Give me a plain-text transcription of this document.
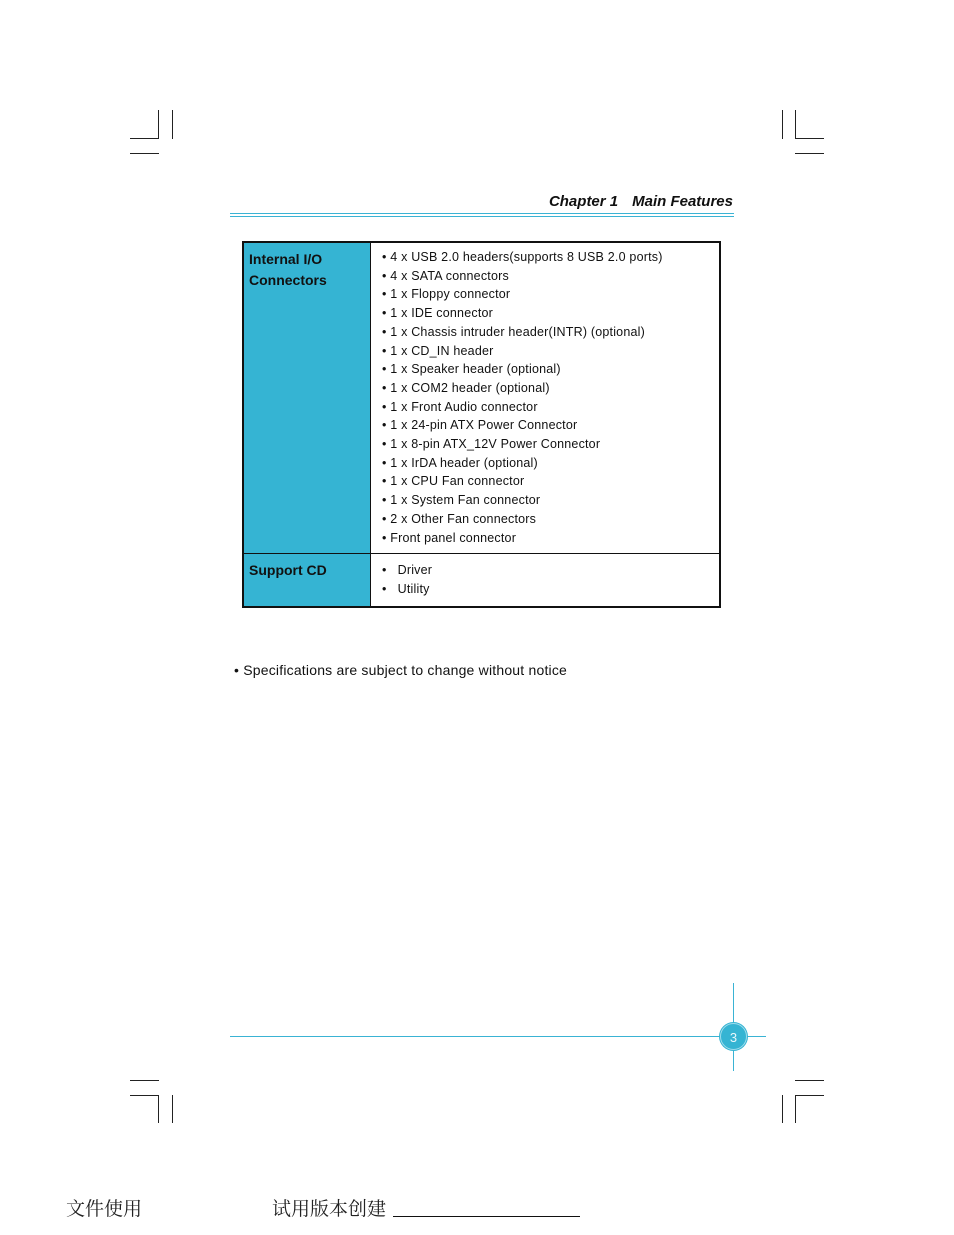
Chapter 1 Main Features
Internal I/O
Connectors
• 4 x USB 2.0 headers(supports 8 USB 2.0 ports)
• 4 x SATA connectors
• 1 x Floppy connector
• 1 x IDE connector
• 1 x Chassis intruder header(INTR) (optional)
• 1 x CD_IN header
• 1 x Speaker header (optional)
• 1 x COM2 header (optional)
• 1 x Front Audio connector
• 1 x 24-pin ATX Power Connector
• 1 x 8-pin ATX_12V Power Connector
• 1 x IrDA header (optional)
• 1 x CPU Fan connector
• 1 x System Fan connector
• 2 x Other Fan connectors
• Front panel connector
Support CD
•	Driver
•   Utility
• Specifications are subject to change without notice
3
文件使用	试用版本创建
